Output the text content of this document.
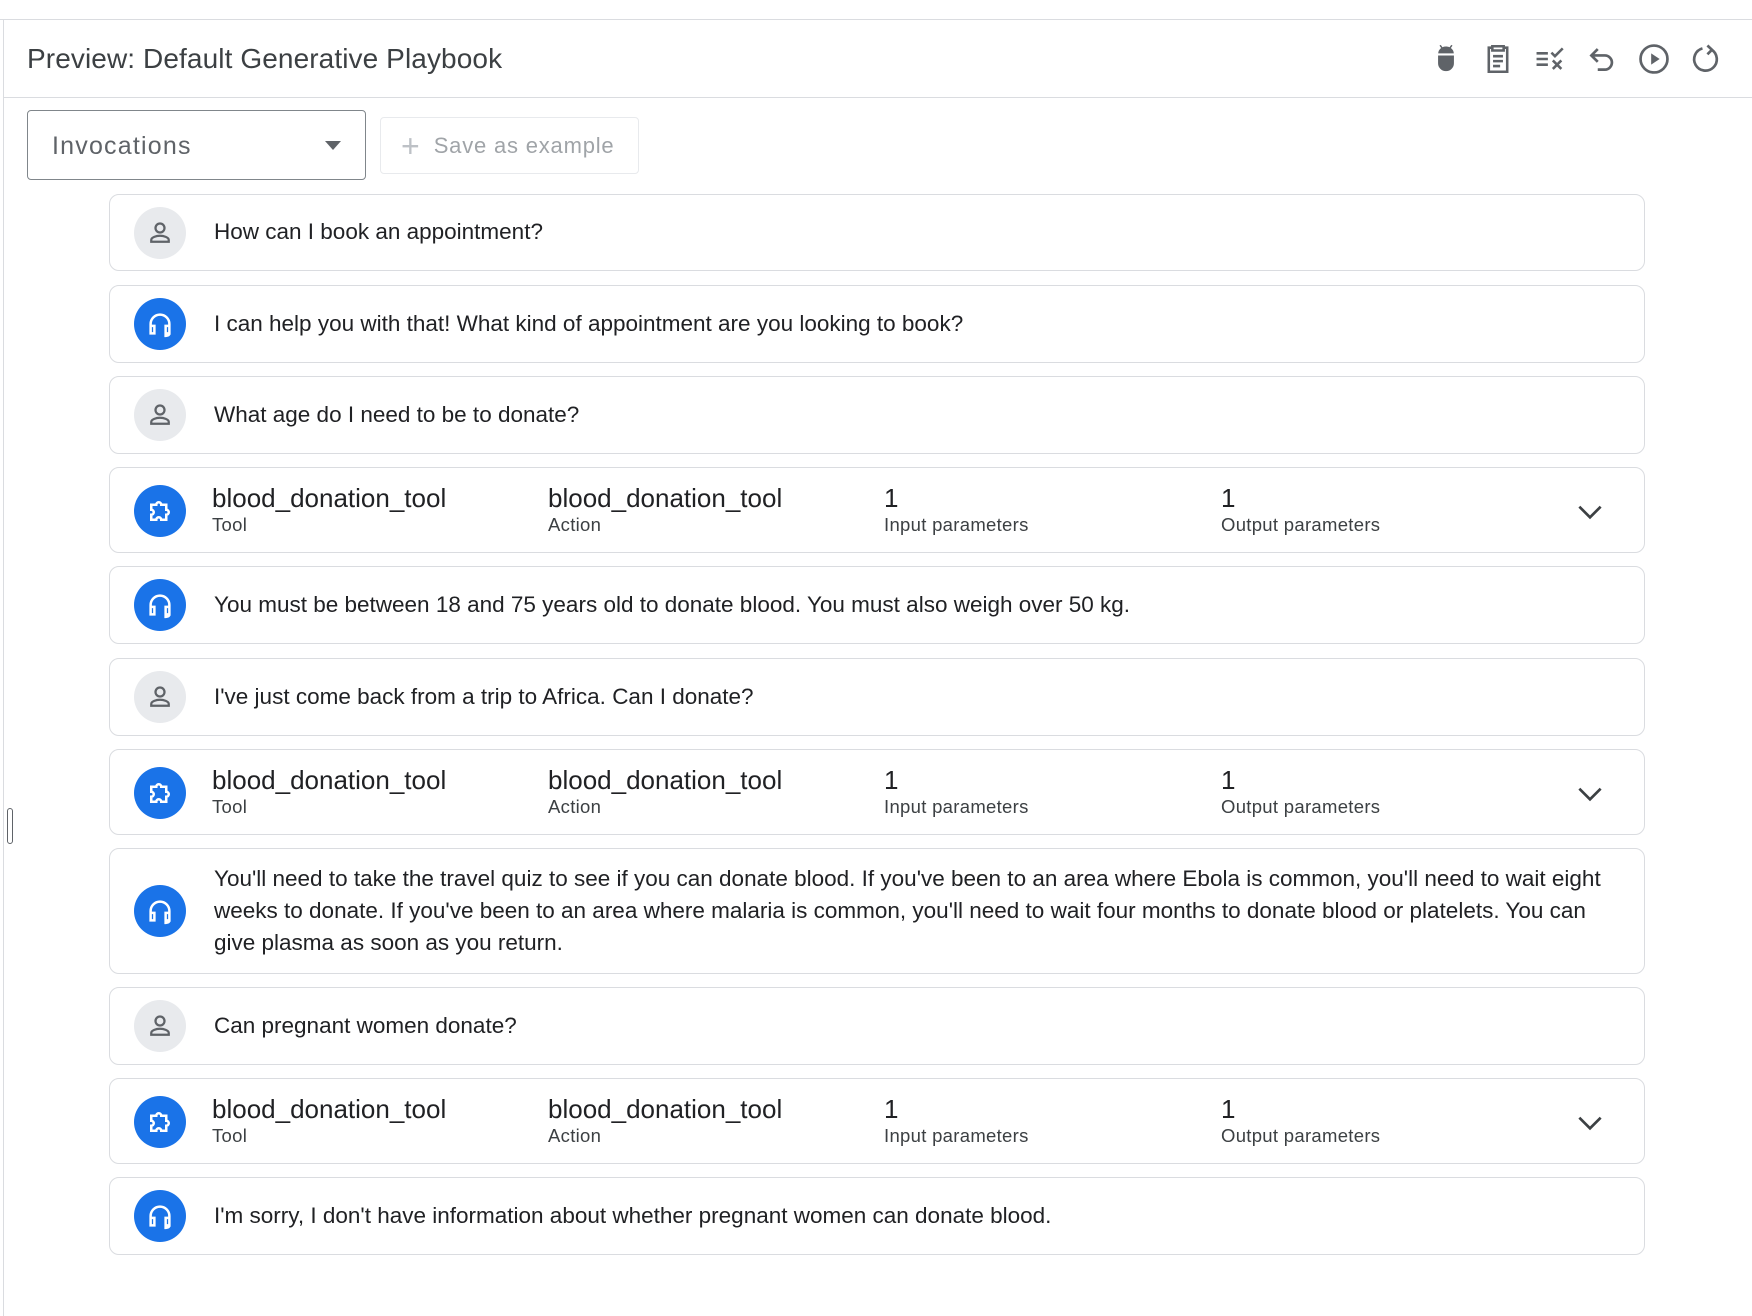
Preview: Default Generative Playbook
Invocations	+ Save as example
How can I book an appointment?
I can help you with that! What kind of appointment are you looking to book?
What age do I need to be to donate?
blood_donation_tool
Tool
blood_donation_tool
Action
1
Input parameters
1
Output parameters
You must be between 18 and 75 years old to donate blood. You must also weigh over 50 kg.
I've just come back from a trip to Africa. Can I donate?
blood_donation_tool
Tool
blood_donation_tool
Action
1
Input parameters
1
Output parameters
You'll need to take the travel quiz to see if you can donate blood. If you've been to an area where Ebola is common, you'll need to wait eight weeks to donate. If you've been to an area where malaria is common, you'll need to wait four months to donate blood or platelets. You can give plasma as soon as you return.
Can pregnant women donate?
blood_donation_tool
Tool
blood_donation_tool
Action
1
Input parameters
1
Output parameters
I'm sorry, I don't have information about whether pregnant women can donate blood.
